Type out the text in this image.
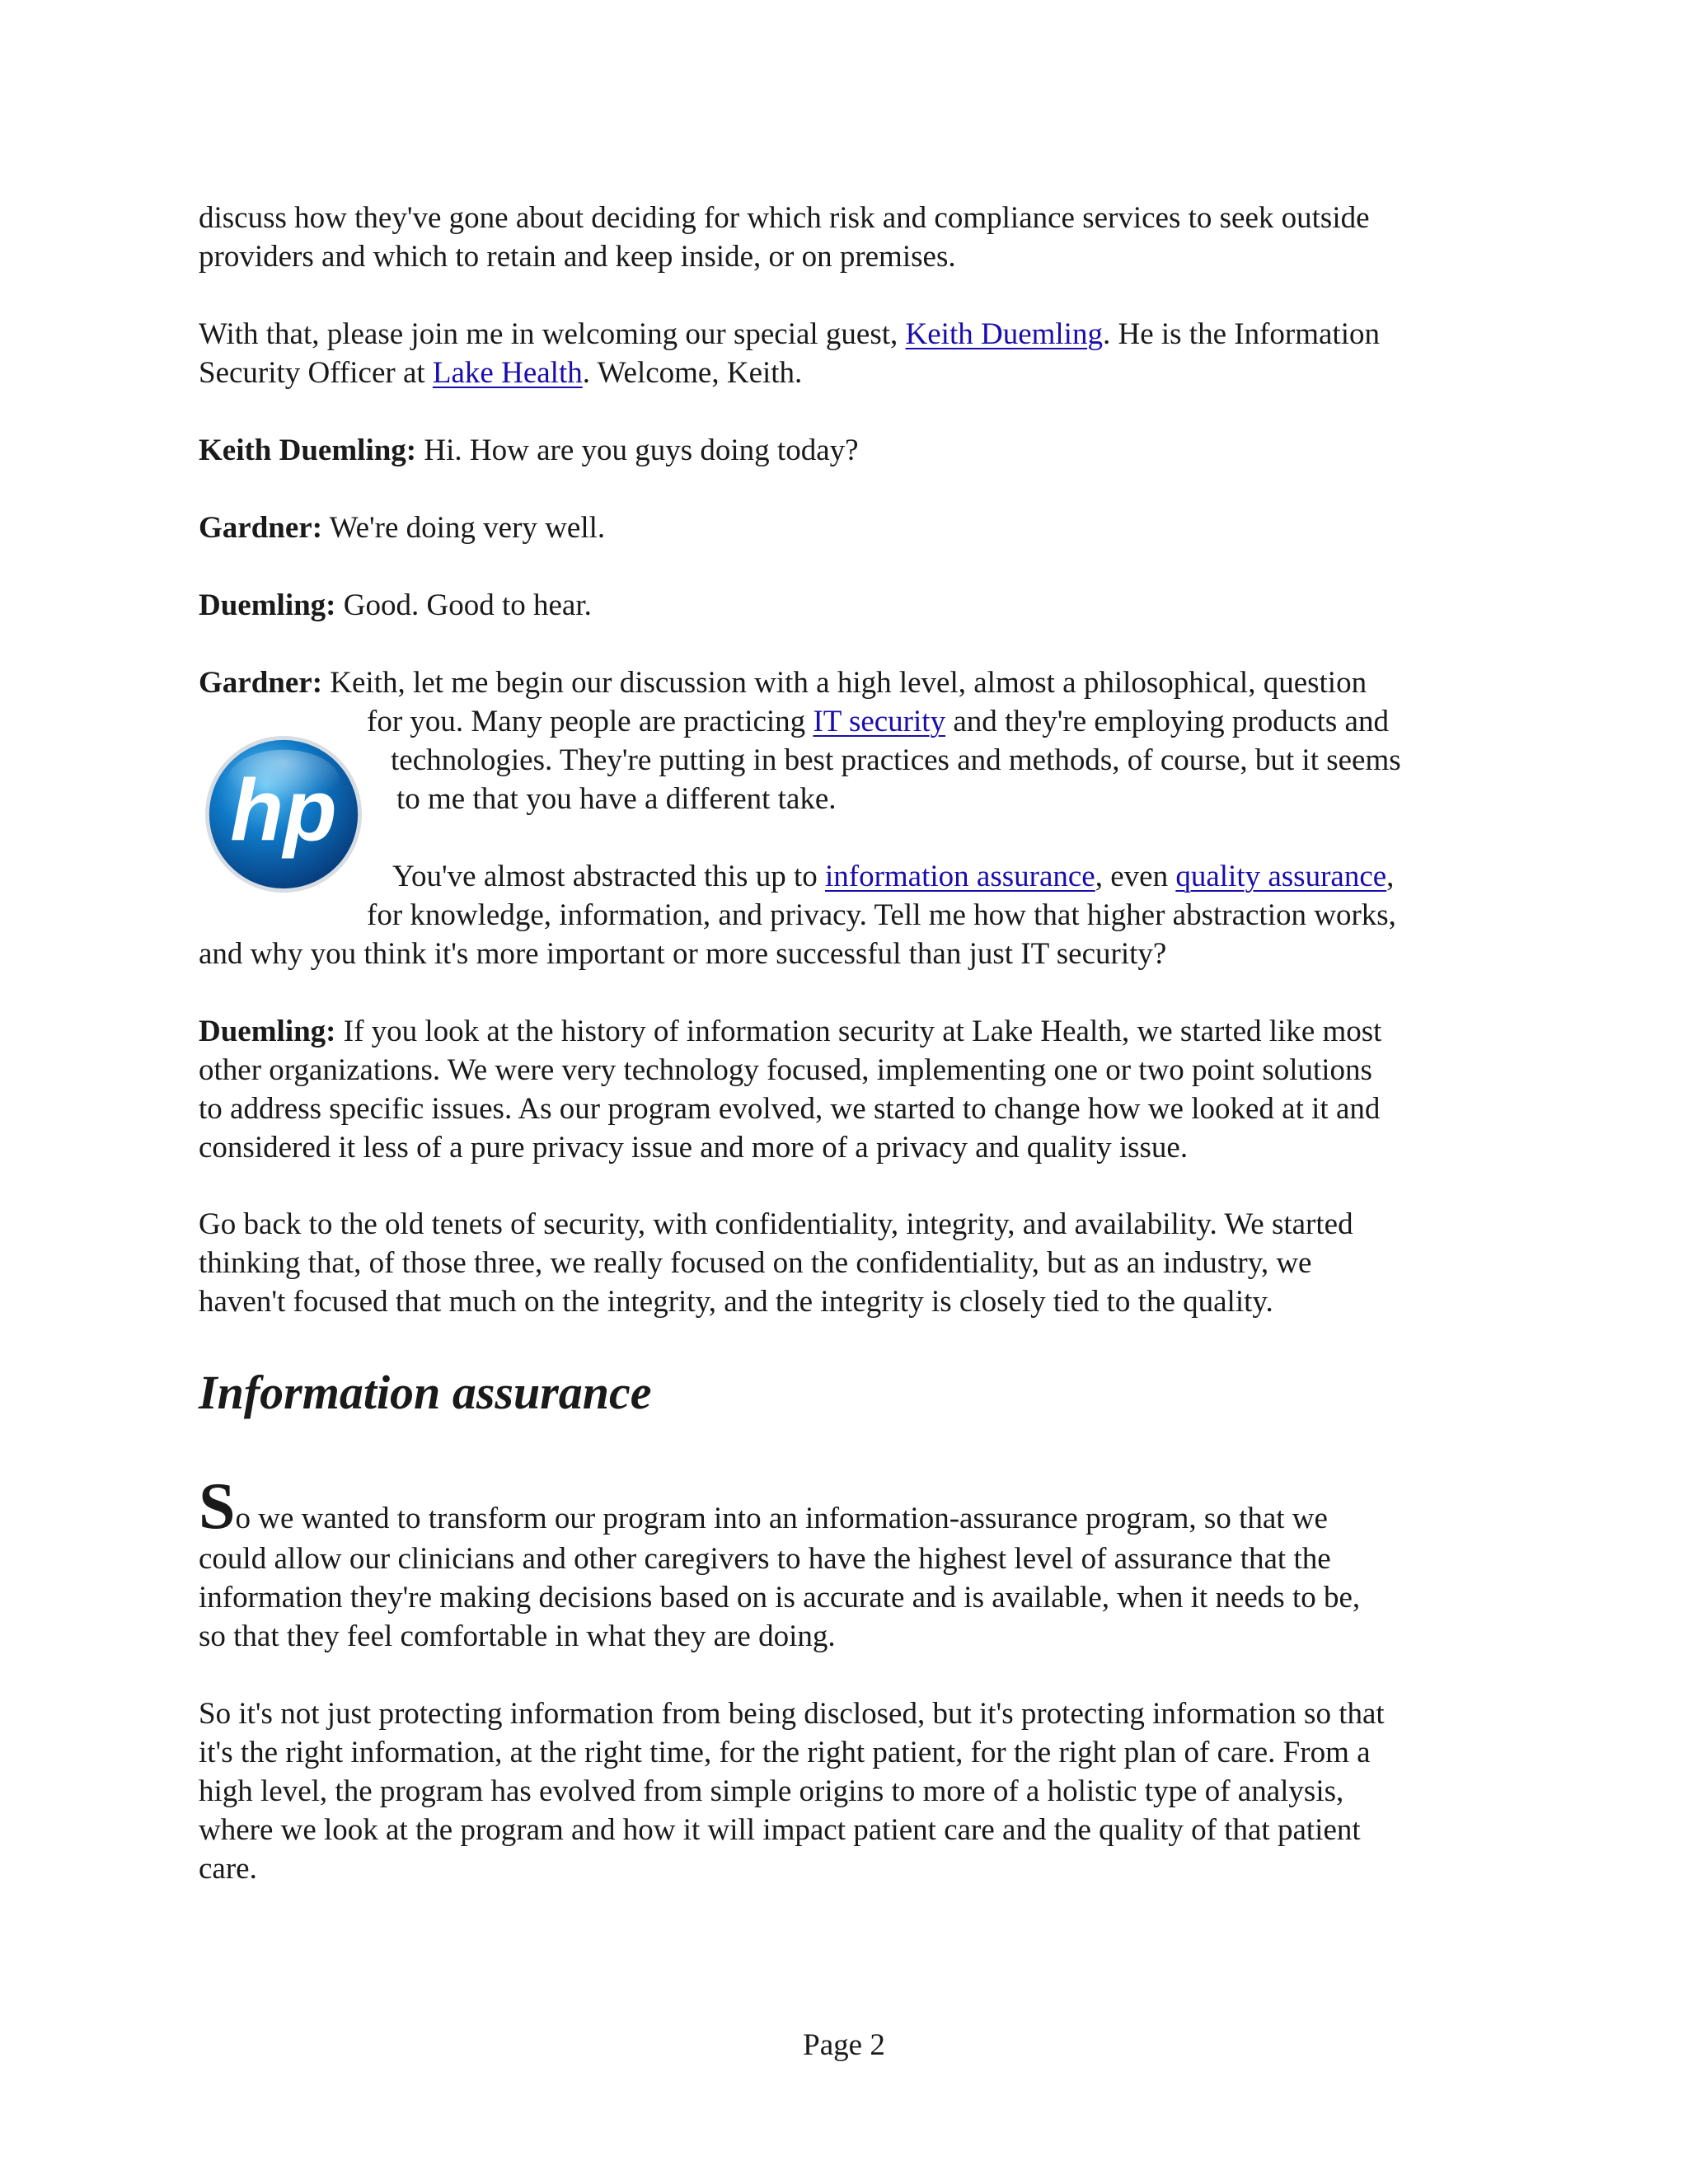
discuss how they've gone about deciding for which risk and compliance services to seek outside
providers and which to retain and keep inside, or on premises.
With that, please join me in welcoming our special guest, Keith Duemling. He is the Information
Security Officer at Lake Health. Welcome, Keith.
Keith Duemling: Hi. How are you guys doing today?
Gardner: We're doing very well.
Duemling: Good. Good to hear.
Gardner: Keith, let me begin our discussion with a high level, almost a philosophical, question
for you. Many people are practicing IT security and they're employing products and
technologies. They're putting in best practices and methods, of course, but it seems
to me that you have a different take.
You've almost abstracted this up to information assurance, even quality assurance,
for knowledge, information, and privacy. Tell me how that higher abstraction works,
and why you think it's more important or more successful than just IT security?
hp
Duemling: If you look at the history of information security at Lake Health, we started like most
other organizations. We were very technology focused, implementing one or two point solutions
to address specific issues. As our program evolved, we started to change how we looked at it and
considered it less of a pure privacy issue and more of a privacy and quality issue.
Go back to the old tenets of security, with confidentiality, integrity, and availability. We started
thinking that, of those three, we really focused on the confidentiality, but as an industry, we
haven't focused that much on the integrity, and the integrity is closely tied to the quality.
Information assurance
So we wanted to transform our program into an information-assurance program, so that we
could allow our clinicians and other caregivers to have the highest level of assurance that the
information they're making decisions based on is accurate and is available, when it needs to be,
so that they feel comfortable in what they are doing.
So it's not just protecting information from being disclosed, but it's protecting information so that
it's the right information, at the right time, for the right patient, for the right plan of care. From a
high level, the program has evolved from simple origins to more of a holistic type of analysis,
where we look at the program and how it will impact patient care and the quality of that patient
care.
Page 2
